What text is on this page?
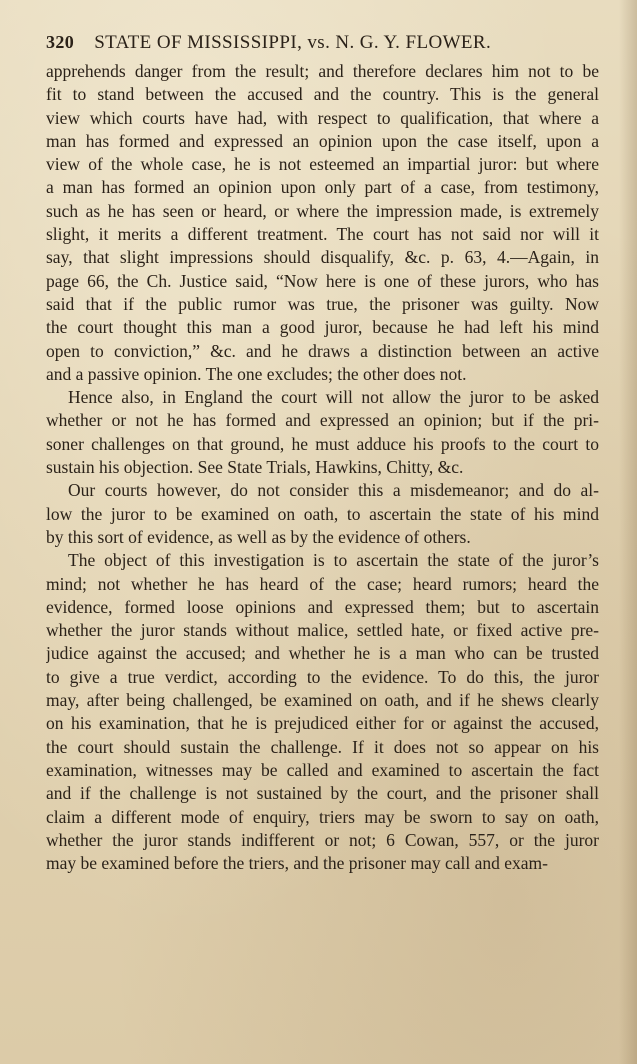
320 STATE OF MISSISSIPPI, vs. N. G. Y. FLOWER.

apprehends danger from the result; and therefore declares him not to be
fit to stand between the accused and the country. This is the general
view which courts have had, with respect to qualification, that where a
man has formed and expressed an opinion upon the case itself, upon a
view of the whole case, he is not esteemed an impartial juror: but where
a man has formed an opinion upon only part of a case, from testimony,
such as he has seen or heard, or where the impression made, is extremely
slight, it merits a different treatment. The court has not said nor will it
say, that slight impressions should disqualify, &c. p. 63, 4.—Again, in
page 66, the Ch. Justice said, “Now here is one of these jurors, who has
said that if the public rumor was true, the prisoner was guilty. Now
the court thought this man a good juror, because he had left his mind
open to conviction,” &c. and he draws a distinction between an active
and a passive opinion. The one excludes; the other does not.

Hence also, in England the court will not allow the juror to be asked
whether or not he has formed and expressed an opinion; but if the pri-
soner challenges on that ground, he must adduce his proofs to the court to
sustain his objection. See State Trials, Hawkins, Chitty, &c.

Our courts however, do not consider this a misdemeanor; and do al-
low the juror to be examined on oath, to ascertain the state of his mind
by this sort of evidence, as well as by the evidence of others.

The object of this investigation is to ascertain the state of the juror’s
mind; not whether he has heard of the case; heard rumors; heard the
evidence, formed loose opinions and expressed them; but to ascertain
whether the juror stands without malice, settled hate, or fixed active pre-
judice against the accused; and whether he is a man who can be trusted
to give a true verdict, according to the evidence. To do this, the juror
may, after being challenged, be examined on oath, and if he shews clearly
on his examination, that he is prejudiced either for or against the accused,
the court should sustain the challenge. If it does not so appear on his
examination, witnesses may be called and examined to ascertain the fact
and if the challenge is not sustained by the court, and the prisoner shall
claim a different mode of enquiry, triers may be sworn to say on oath,
whether the juror stands indifferent or not; 6 Cowan, 557, or the juror
may be examined before the triers, and the prisoner may call and exam-
